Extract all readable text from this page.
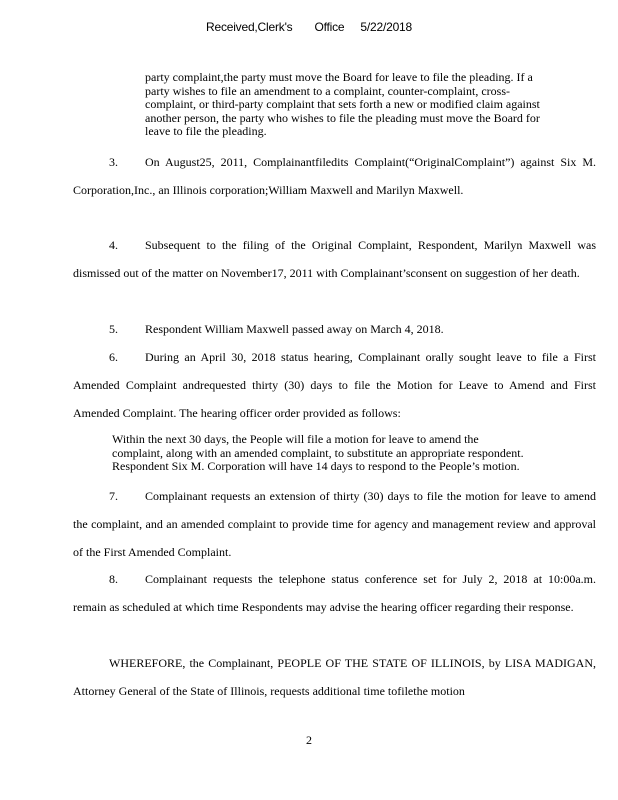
Received,Clerk's Office 5/22/2018
party complaint,the party must move the Board for leave to file the pleading. If a party wishes to file an amendment to a complaint, counter-complaint, cross-complaint, or third-party complaint that sets forth a new or modified claim against another person, the party who wishes to file the pleading must move the Board for leave to file the pleading.
3. On August25, 2011, Complainantfiledits Complaint(“OriginalComplaint”) against Six M. Corporation,Inc., an Illinois corporation;William Maxwell and Marilyn Maxwell.
4. Subsequent to the filing of the Original Complaint, Respondent, Marilyn Maxwell was dismissed out of the matter on November17, 2011 with Complainant’sconsent on suggestion of her death.
5. Respondent William Maxwell passed away on March 4, 2018.
6. During an April 30, 2018 status hearing, Complainant orally sought leave to file a First Amended Complaint andrequested thirty (30) days to file the Motion for Leave to Amend and First Amended Complaint. The hearing officer order provided as follows:
Within the next 30 days, the People will file a motion for leave to amend the complaint, along with an amended complaint, to substitute an appropriate respondent. Respondent Six M. Corporation will have 14 days to respond to the People’s motion.
7. Complainant requests an extension of thirty (30) days to file the motion for leave to amend the complaint, and an amended complaint to provide time for agency and management review and approval of the First Amended Complaint.
8. Complainant requests the telephone status conference set for July 2, 2018 at 10:00a.m. remain as scheduled at which time Respondents may advise the hearing officer regarding their response.
WHEREFORE, the Complainant, PEOPLE OF THE STATE OF ILLINOIS, by LISA MADIGAN, Attorney General of the State of Illinois, requests additional time tofilethe motion
2
